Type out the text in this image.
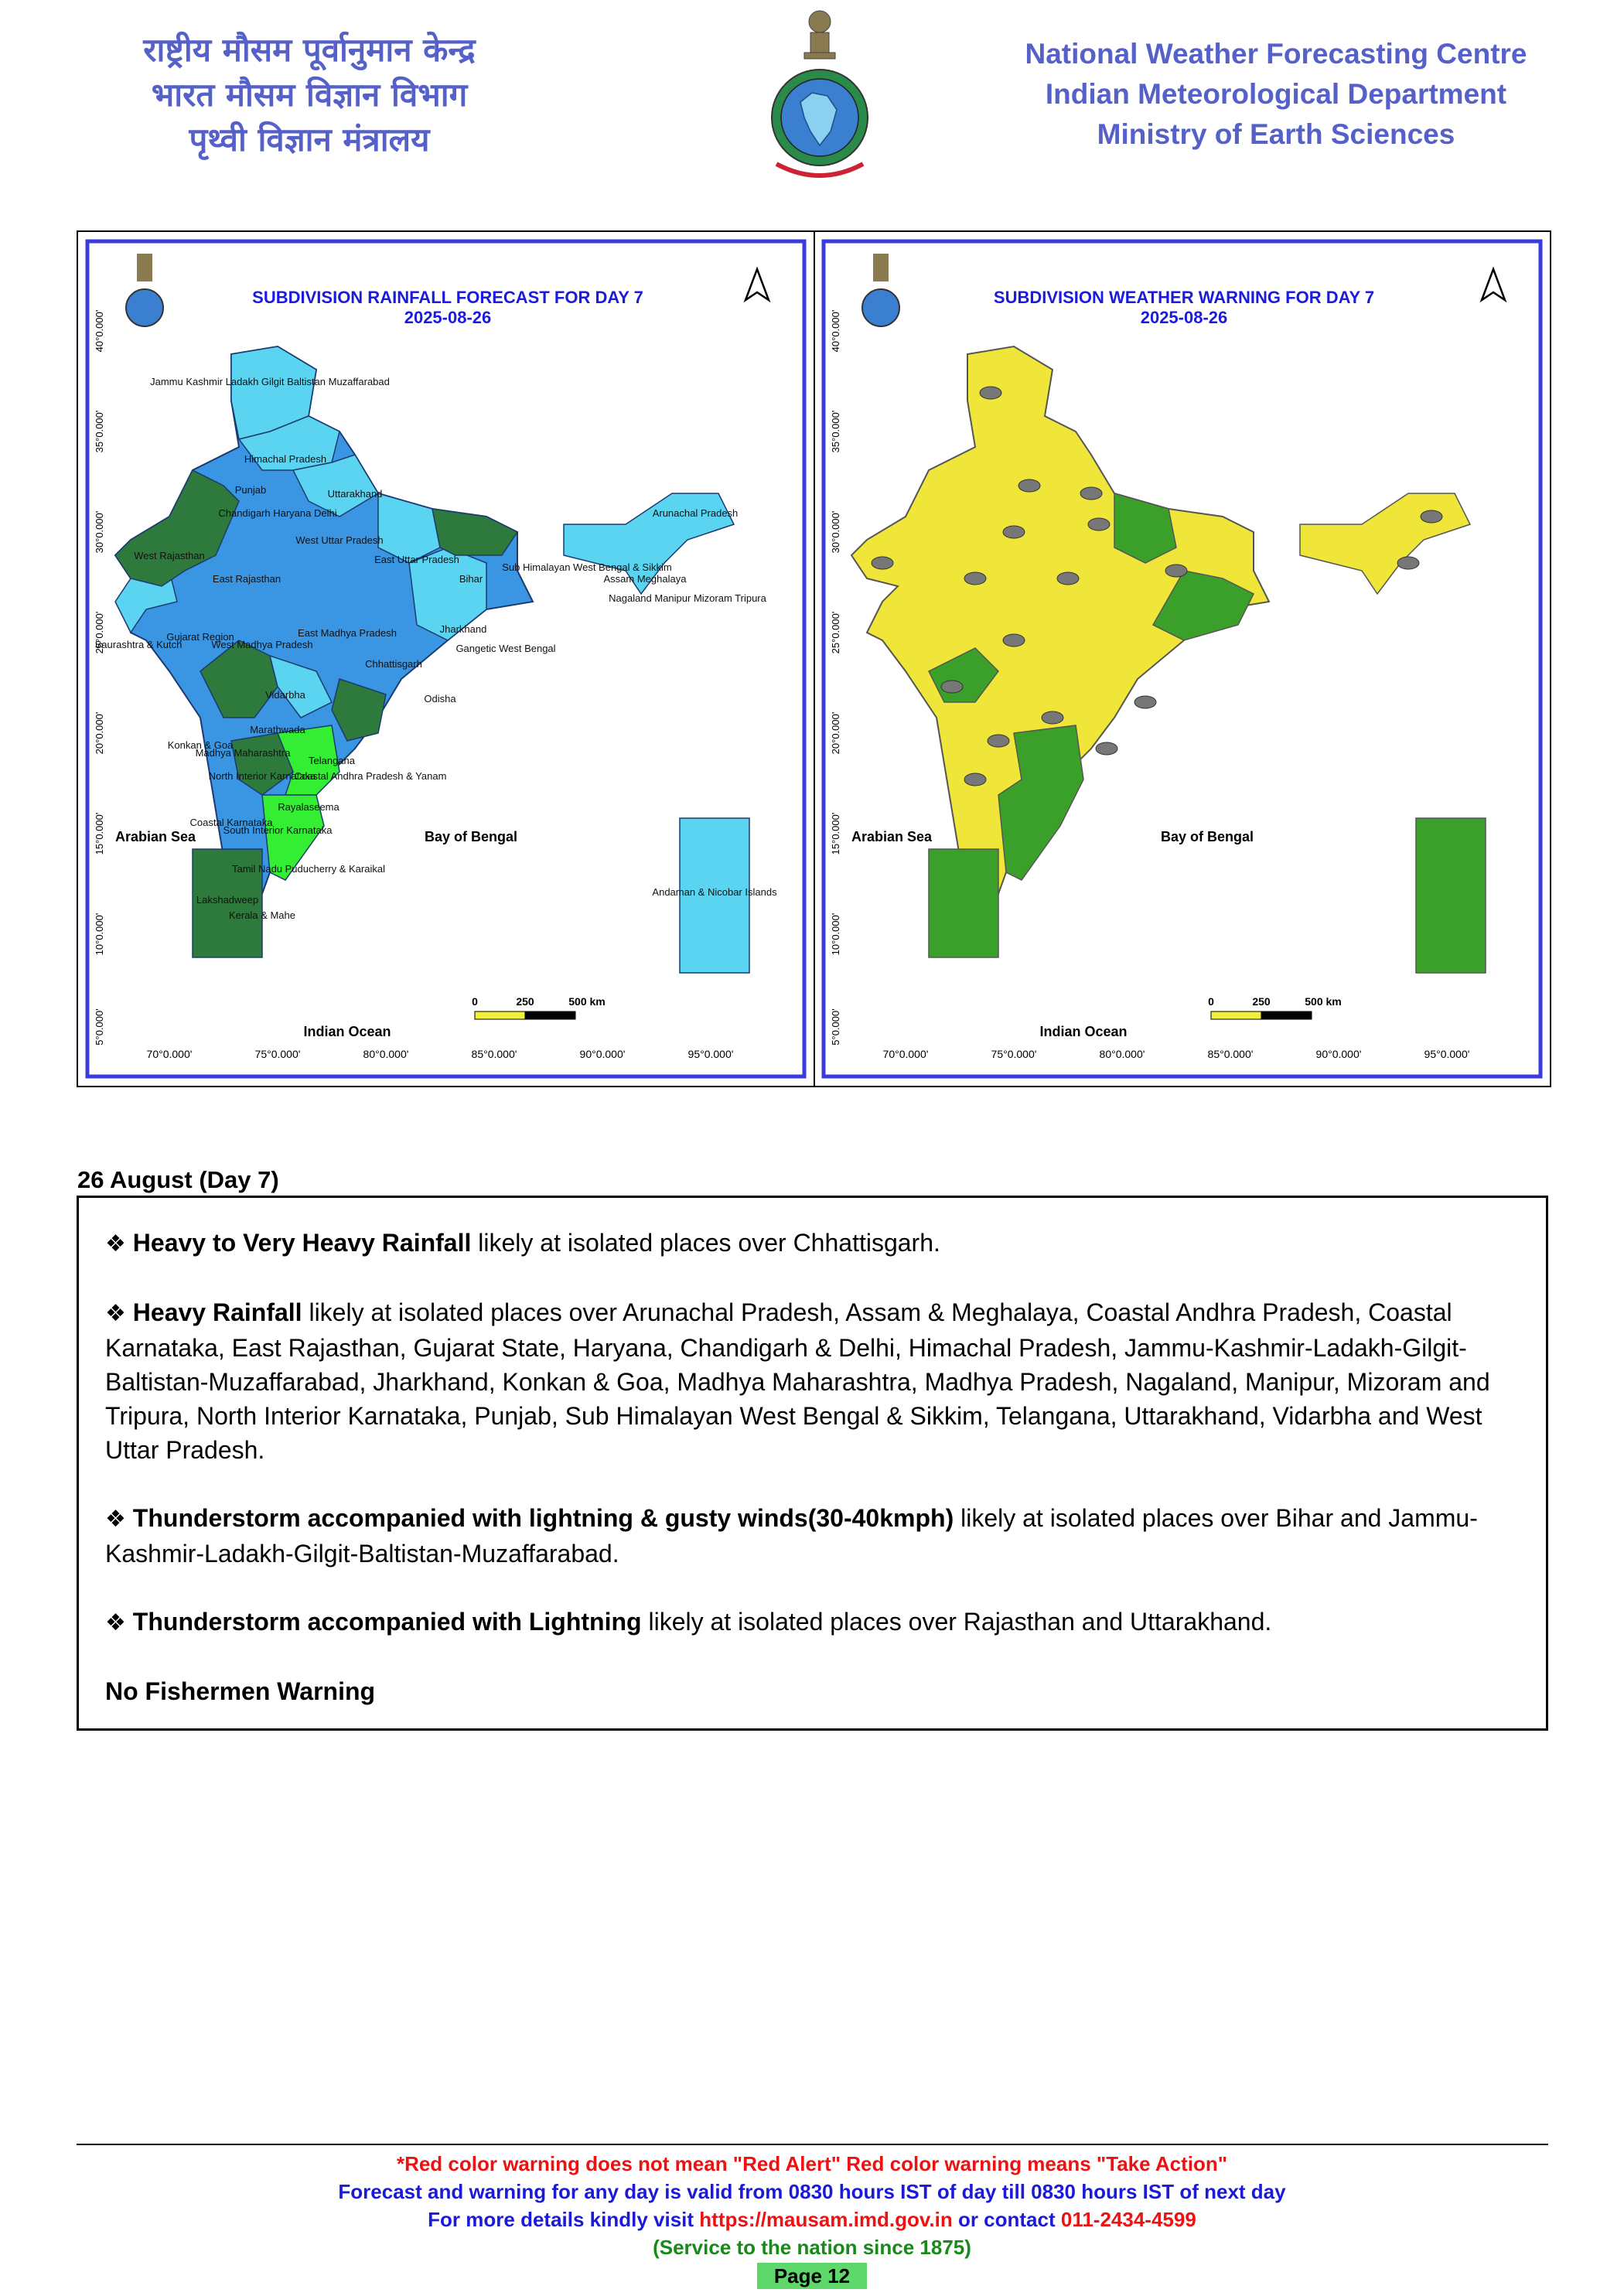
राष्ट्रीय मौसम पूर्वानुमान केन्द्र
भारत मौसम विज्ञान विभाग
पृथ्वी विज्ञान मंत्रालय
National Weather Forecasting Centre
Indian Meteorological Department
Ministry of Earth Sciences
SUBDIVISION RAINFALL FORECAST FOR DAY 7
2025-08-26
Arabian Sea	Bay of Bengal
Indian Ocean
Jammu Kashmir Ladakh Gilgit Baltistan Muzaffarabad
Himachal Pradesh
Punjab	Uttarakhand
Chandigarh Haryana Delhi
West Uttar Pradesh
West Rajasthan
East Rajasthan
East Uttar Pradesh
Bihar
Sub Himalayan West Bengal & Sikkim
Arunachal Pradesh
Assam Meghalaya
Nagaland Manipur Mizoram Tripura
Saurashtra & Kutch
Gujarat Region
West Madhya Pradesh
East Madhya Pradesh	Jharkhand
Gangetic West Bengal
Chhattisgarh
Odisha
Vidarbha
Marathwada
Konkan & Goa
Madhya Maharashtra
Telangana
Coastal Andhra Pradesh & Yanam
North Interior Karnataka
Rayalaseema
Coastal Karnataka
South Interior Karnataka
Tamil Nadu Puducherry & Karaikal
Kerala & Mahe
Lakshadweep
Andaman & Nicobar Islands
0	250	500 km
70°0.000'	75°0.000'	80°0.000'	85°0.000'	90°0.000'	95°0.000'
40°0.000'
35°0.000'
30°0.000'
25°0.000'
20°0.000'
15°0.000'
10°0.000'
5°0.000'
SUBDIVISION WEATHER WARNING FOR DAY 7
2025-08-26
Arabian Sea	Bay of Bengal
Indian Ocean
0	250	500 km
70°0.000'	75°0.000'	80°0.000'	85°0.000'	90°0.000'	95°0.000'
40°0.000'
35°0.000'
30°0.000'
25°0.000'
20°0.000'
15°0.000'
10°0.000'
5°0.000'
26 August (Day 7)

❖ Heavy to Very Heavy Rainfall likely at isolated places over Chhattisgarh.

❖ Heavy Rainfall likely at isolated places over Arunachal Pradesh, Assam & Meghalaya, Coastal Andhra Pradesh, Coastal Karnataka, East Rajasthan, Gujarat State, Haryana, Chandigarh & Delhi, Himachal Pradesh, Jammu-Kashmir-Ladakh-Gilgit-Baltistan-Muzaffarabad, Jharkhand, Konkan & Goa, Madhya Maharashtra, Madhya Pradesh, Nagaland, Manipur, Mizoram and Tripura, North Interior Karnataka, Punjab, Sub Himalayan West Bengal & Sikkim, Telangana, Uttarakhand, Vidarbha and West Uttar Pradesh.

❖ Thunderstorm accompanied with lightning & gusty winds(30-40kmph) likely at isolated places over Bihar and Jammu-Kashmir-Ladakh-Gilgit-Baltistan-Muzaffarabad.

❖ Thunderstorm accompanied with Lightning likely at isolated places over Rajasthan and Uttarakhand.

No Fishermen Warning

*Red color warning does not mean "Red Alert" Red color warning means "Take Action"
Forecast and warning for any day is valid from 0830 hours IST of day till 0830 hours IST of next day
For more details kindly visit https://mausam.imd.gov.in or contact 011-2434-4599
(Service to the nation since 1875)
Page 12
